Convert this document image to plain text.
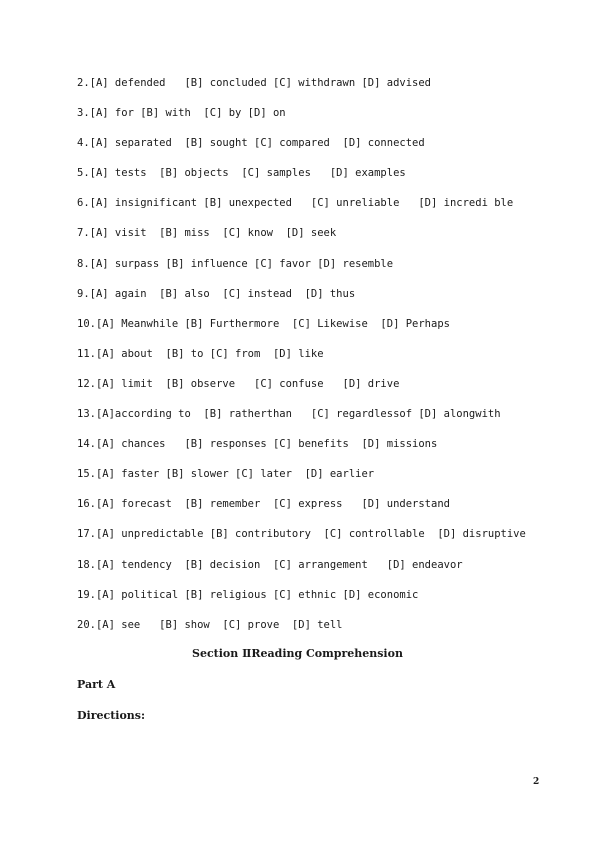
2.[A] defended   [B] concluded [C] withdrawn [D] advised
3.[A] for [B] with  [C] by [D] on
4.[A] separated  [B] sought [C] compared  [D] connected
5.[A] tests  [B] objects  [C] samples   [D] examples
6.[A] insignificant [B] unexpected   [C] unreliable   [D] incredi ble
7.[A] visit  [B] miss  [C] know  [D] seek
8.[A] surpass [B] influence [C] favor [D] resemble
9.[A] again  [B] also  [C] instead  [D] thus
10.[A] Meanwhile [B] Furthermore  [C] Likewise  [D] Perhaps
11.[A] about  [B] to [C] from  [D] like
12.[A] limit  [B] observe   [C] confuse   [D] drive
13.[A]according to  [B] ratherthan   [C] regardlessof [D] alongwith
14.[A] chances   [B] responses [C] benefits  [D] missions
15.[A] faster [B] slower [C] later  [D] earlier
16.[A] forecast  [B] remember  [C] express   [D] understand
17.[A] unpredictable [B] contributory  [C] controllable  [D] disruptive
18.[A] tendency  [B] decision  [C] arrangement   [D] endeavor
19.[A] political [B] religious [C] ethnic [D] economic
20.[A] see   [B] show  [C] prove  [D] tell
Section ⅡReading Comprehension
Part A
Directions:
2
